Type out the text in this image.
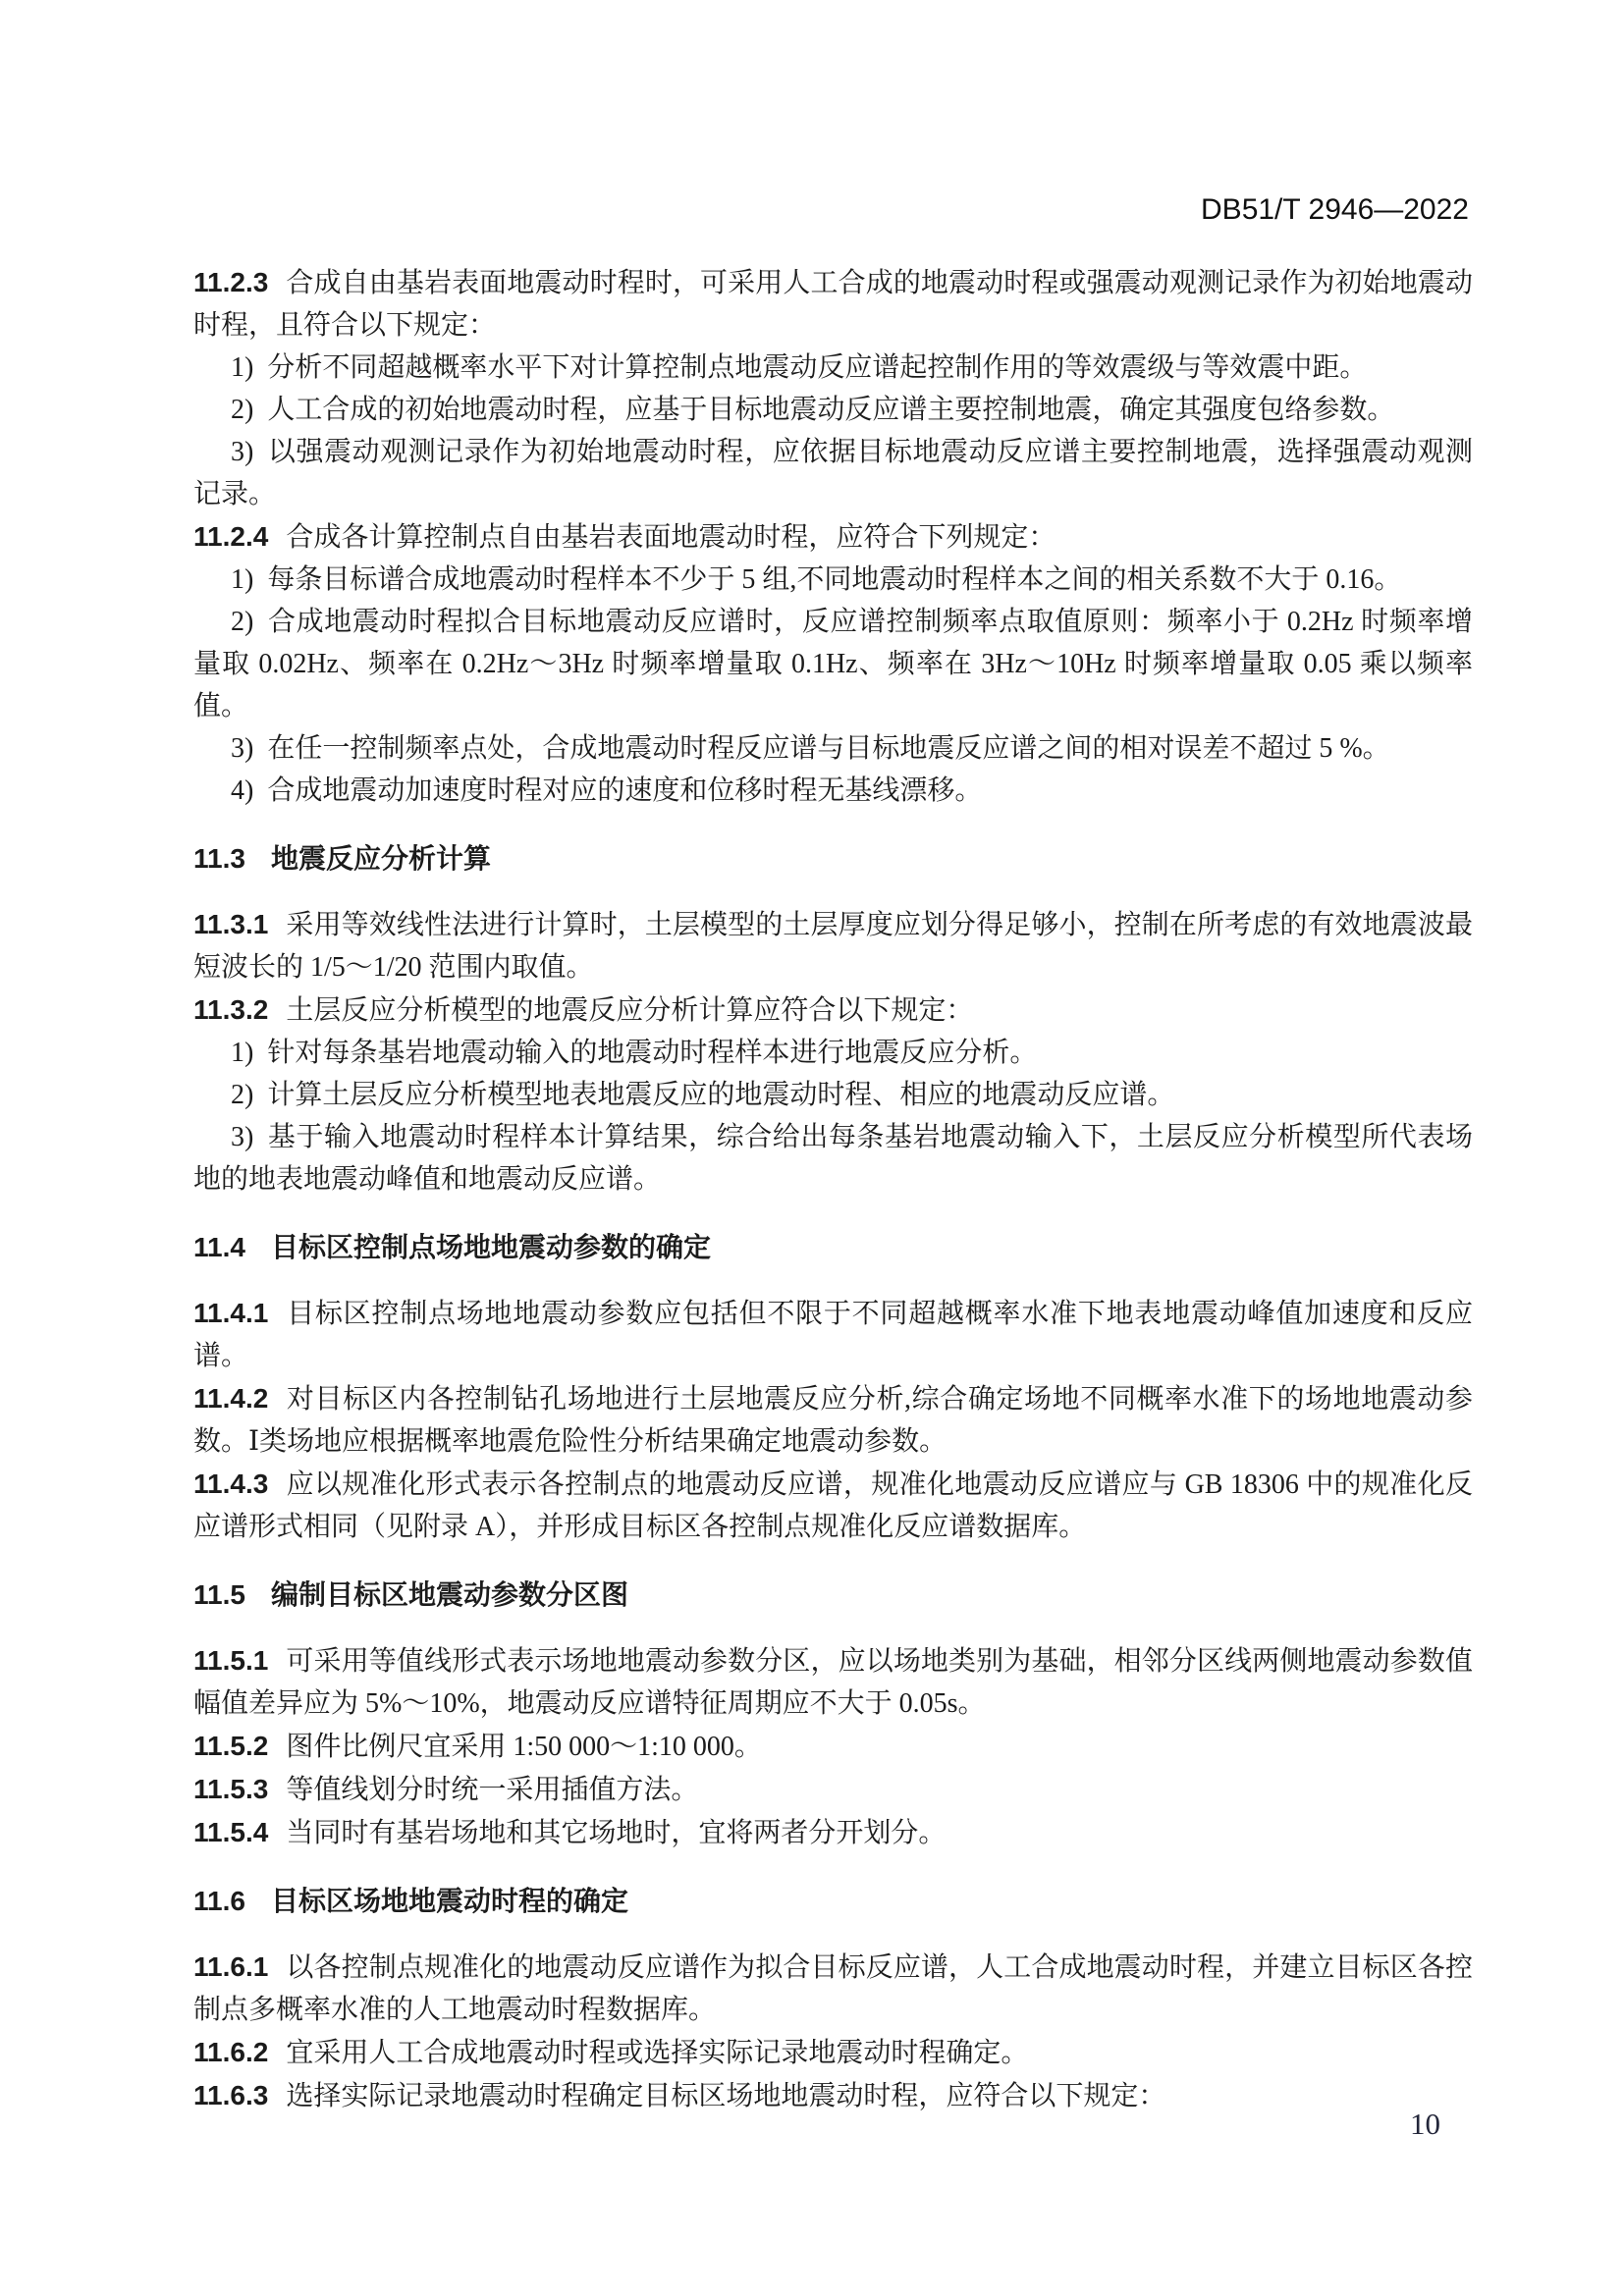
DB51/T 2946—2022
11.2.3 合成自由基岩表面地震动时程时，可采用人工合成的地震动时程或强震动观测记录作为初始地震动时程，且符合以下规定：
1) 分析不同超越概率水平下对计算控制点地震动反应谱起控制作用的等效震级与等效震中距。
2) 人工合成的初始地震动时程，应基于目标地震动反应谱主要控制地震，确定其强度包络参数。
3) 以强震动观测记录作为初始地震动时程，应依据目标地震动反应谱主要控制地震，选择强震动观测记录。
11.2.4 合成各计算控制点自由基岩表面地震动时程，应符合下列规定：
1) 每条目标谱合成地震动时程样本不少于 5 组,不同地震动时程样本之间的相关系数不大于 0.16。
2) 合成地震动时程拟合目标地震动反应谱时，反应谱控制频率点取值原则：频率小于 0.2Hz 时频率增量取 0.02Hz、频率在 0.2Hz～3Hz 时频率增量取 0.1Hz、频率在 3Hz～10Hz 时频率增量取 0.05 乘以频率值。
3) 在任一控制频率点处，合成地震动时程反应谱与目标地震反应谱之间的相对误差不超过 5 %。
4) 合成地震动加速度时程对应的速度和位移时程无基线漂移。
11.3 地震反应分析计算
11.3.1 采用等效线性法进行计算时，土层模型的土层厚度应划分得足够小，控制在所考虑的有效地震波最短波长的 1/5～1/20 范围内取值。
11.3.2 土层反应分析模型的地震反应分析计算应符合以下规定：
1) 针对每条基岩地震动输入的地震动时程样本进行地震反应分析。
2) 计算土层反应分析模型地表地震反应的地震动时程、相应的地震动反应谱。
3) 基于输入地震动时程样本计算结果，综合给出每条基岩地震动输入下，土层反应分析模型所代表场地的地表地震动峰值和地震动反应谱。
11.4 目标区控制点场地地震动参数的确定
11.4.1 目标区控制点场地地震动参数应包括但不限于不同超越概率水准下地表地震动峰值加速度和反应谱。
11.4.2 对目标区内各控制钻孔场地进行土层地震反应分析,综合确定场地不同概率水准下的场地地震动参数。Ⅰ类场地应根据概率地震危险性分析结果确定地震动参数。
11.4.3 应以规准化形式表示各控制点的地震动反应谱，规准化地震动反应谱应与 GB 18306 中的规准化反应谱形式相同（见附录 A），并形成目标区各控制点规准化反应谱数据库。
11.5 编制目标区地震动参数分区图
11.5.1 可采用等值线形式表示场地地震动参数分区，应以场地类别为基础，相邻分区线两侧地震动参数值幅值差异应为 5%～10%，地震动反应谱特征周期应不大于 0.05s。
11.5.2 图件比例尺宜采用 1:50 000～1:10 000。
11.5.3 等值线划分时统一采用插值方法。
11.5.4 当同时有基岩场地和其它场地时，宜将两者分开划分。
11.6 目标区场地地震动时程的确定
11.6.1 以各控制点规准化的地震动反应谱作为拟合目标反应谱，人工合成地震动时程，并建立目标区各控制点多概率水准的人工地震动时程数据库。
11.6.2 宜采用人工合成地震动时程或选择实际记录地震动时程确定。
11.6.3 选择实际记录地震动时程确定目标区场地地震动时程，应符合以下规定：
10
